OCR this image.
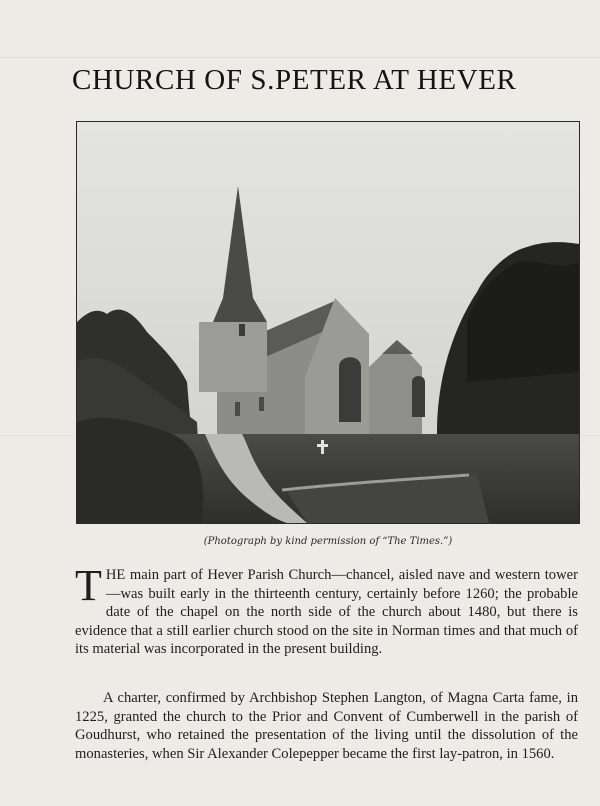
CHURCH OF S.PETER AT HEVER
(Photograph by kind permission of “The Times.”)
THE main part of Hever Parish Church—chancel, aisled nave and western tower—was built early in the thirteenth century, certainly before 1260; the probable date of the chapel on the north side of the church about 1480, but there is evidence that a still earlier church stood on the site in Norman times and that much of its material was incorporated in the present building.
A charter, confirmed by Archbishop Stephen Langton, of Magna Carta fame, in 1225, granted the church to the Prior and Convent of Cumberwell in the parish of Goudhurst, who retained the presentation of the living until the dissolution of the monasteries, when Sir Alexander Colepepper became the first lay-patron, in 1560.
